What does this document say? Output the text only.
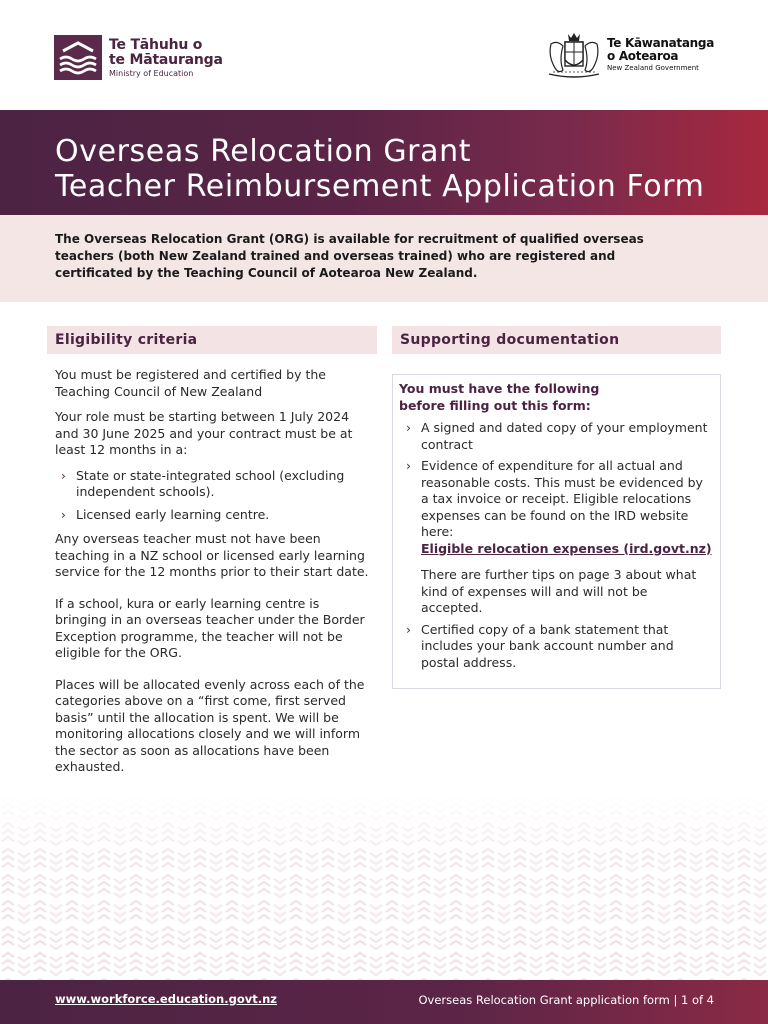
Te Tāhuhu o
te Mātauranga
Ministry of Education
Te Kāwanatanga
o Aotearoa
New Zealand Government
Overseas Relocation Grant
Teacher Reimbursement Application Form

The Overseas Relocation Grant (ORG) is available for recruitment of qualified overseas teachers (both New Zealand trained and overseas trained) who are registered and certificated by the Teaching Council of Aotearoa New Zealand.

Eligibility criteria

You must be registered and certified by the Teaching Council of New Zealand

Your role must be starting between 1 July 2024 and 30 June 2025 and your contract must be at least 12 months in a:

› State or state-integrated school (excluding independent schools).
› Licensed early learning centre.

Any overseas teacher must not have been teaching in a NZ school or licensed early learning service for the 12 months prior to their start date.

If a school, kura or early learning centre is bringing in an overseas teacher under the Border Exception programme, the teacher will not be eligible for the ORG.

Places will be allocated evenly across each of the categories above on a “first come, first served basis” until the allocation is spent. We will be monitoring allocations closely and we will inform the sector as soon as allocations have been exhausted.

Supporting documentation
You must have the following before filling out this form:
› A signed and dated copy of your employment contract
› Evidence of expenditure for all actual and reasonable costs. This must be evidenced by a tax invoice or receipt. Eligible relocations expenses can be found on the IRD website here:
Eligible relocation expenses (ird.govt.nz)
There are further tips on page 3 about what kind of expenses will and will not be accepted.
› Certified copy of a bank statement that includes your bank account number and postal address.
www.workforce.education.govt.nz	Overseas Relocation Grant application form | 1 of 4
